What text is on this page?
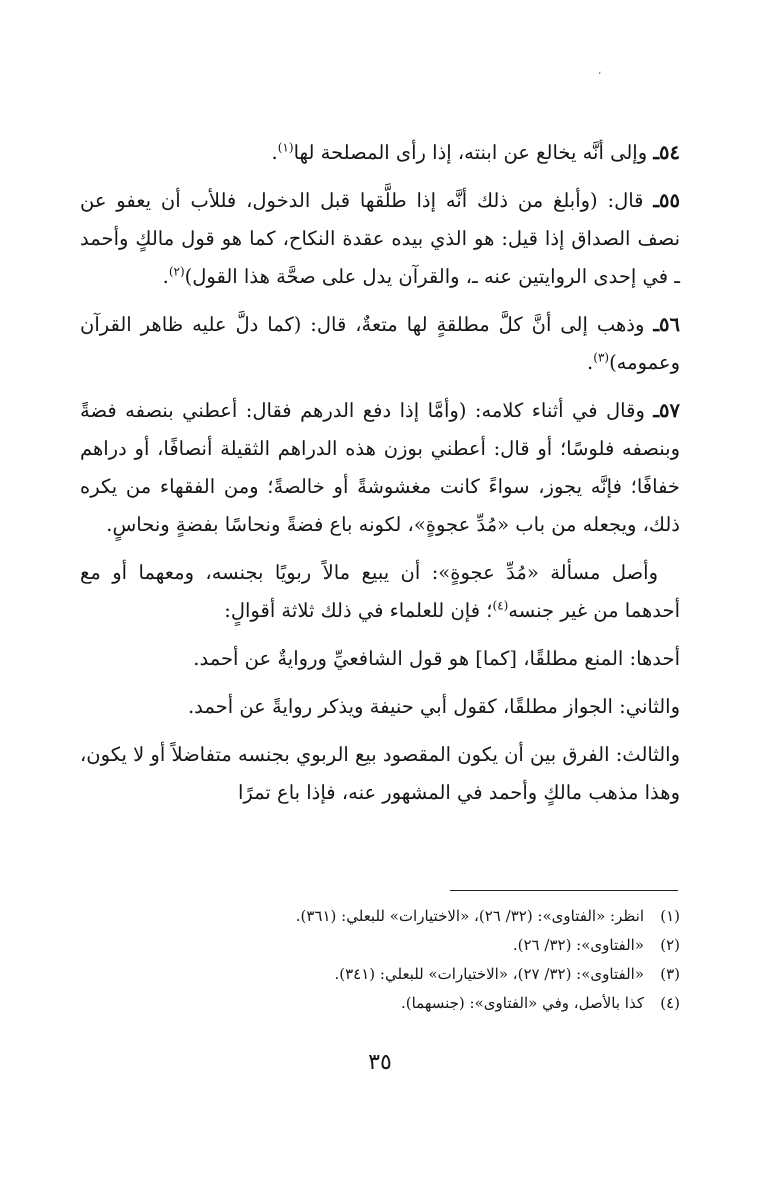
،

٥٤ـ وإلى أنَّه يخالع عن ابنته، إذا رأى المصلحة لها$^{(١)}$.

٥٥ـ قال: (وأبلغ من ذلك أنَّه إذا طلَّقها قبل الدخول، فللأب أن يعفو عن نصف الصداق إذا قيل: هو الذي بيده عقدة النكاح، كما هو قول مالكٍ وأحمد ـ في إحدى الروايتين عنه ـ، والقرآن يدل على صحَّة هذا القول)$^{(٢)}$.

٥٦ـ وذهب إلى أنَّ كلَّ مطلقةٍ لها متعةٌ، قال: (كما دلَّ عليه ظاهر القرآن وعمومه)$^{(٣)}$.

٥٧ـ وقال في أثناء كلامه: (وأمَّا إذا دفع الدرهم فقال: أعطني بنصفه فضةً وبنصفه فلوسًا؛ أو قال: أعطني بوزن هذه الدراهم الثقيلة أنصافًا، أو دراهم خفافًا؛ فإنَّه يجوز، سواءً كانت مغشوشةً أو خالصةً؛ ومن الفقهاء من يكره ذلك، ويجعله من باب «مُدِّ عجوةٍ»، لكونه باع فضةً ونحاسًا بفضةٍ ونحاسٍ.

وأصل مسألة «مُدِّ عجوةٍ»: أن يبيع مالاً ربويًا بجنسه، ومعهما أو مع أحدهما من غير جنسه$^{(٤)}$؛ فإن للعلماء في ذلك ثلاثة أقوالٍ:

أحدها: المنع مطلقًا، [كما] هو قول الشافعيِّ وروايةٌ عن أحمد.

والثاني: الجواز مطلقًا، كقول أبي حنيفة ويذكر روايةً عن أحمد.

والثالث: الفرق بين أن يكون المقصود بيع الربوي بجنسه متفاضلاً أو لا يكون، وهذا مذهب مالكٍ وأحمد في المشهور عنه، فإذا باع تمرًا

(١)انظر: «الفتاوى»: (٣٢/ ٢٦)، «الاختيارات» للبعلي: (٣٦١).

(٢)«الفتاوى»: (٣٢/ ٢٦).

(٣)«الفتاوى»: (٣٢/ ٢٧)، «الاختيارات» للبعلي: (٣٤١).

(٤)كذا بالأصل، وفي «الفتاوى»: (جنسهما).

٣٥
